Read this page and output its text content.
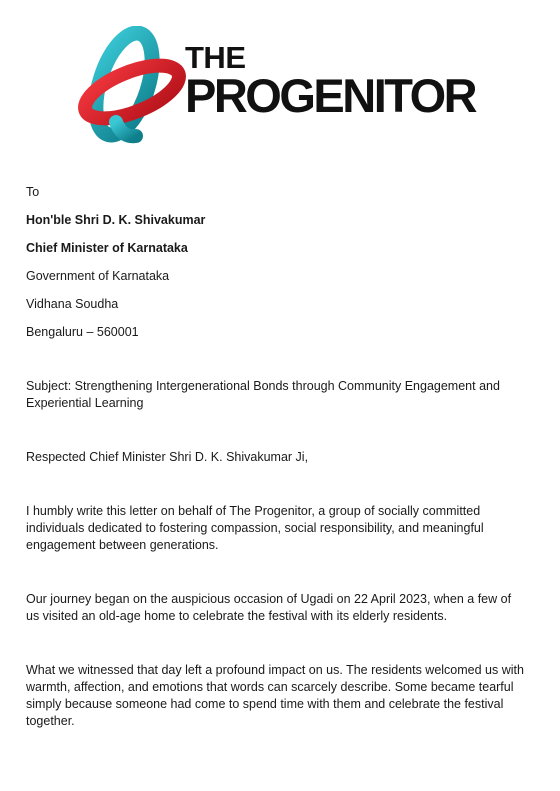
THE
PROGENITOR

To

Hon'ble Shri D. K. Shivakumar

Chief Minister of Karnataka

Government of Karnataka

Vidhana Soudha

Bengaluru – 560001

Subject: Strengthening Intergenerational Bonds through Community Engagement and Experiential Learning

Respected Chief Minister Shri D. K. Shivakumar Ji,

I humbly write this letter on behalf of The Progenitor, a group of socially committed individuals dedicated to fostering compassion, social responsibility, and meaningful engagement between generations.

Our journey began on the auspicious occasion of Ugadi on 22 April 2023, when a few of us visited an old-age home to celebrate the festival with its elderly residents.

What we witnessed that day left a profound impact on us. The residents welcomed us with warmth, affection, and emotions that words can scarcely describe. Some became tearful simply because someone had come to spend time with them and celebrate the festival together.
